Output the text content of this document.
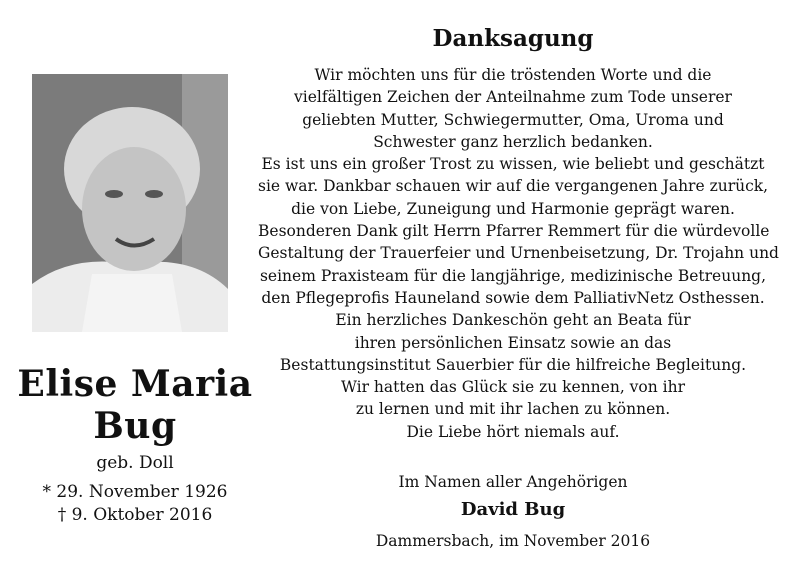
Elise Maria
Bug
geb. Doll
* 29. November 1926
† 9. Oktober 2016
Danksagung
Wir möchten uns für die tröstenden Worte und die
vielfältigen Zeichen der Anteilnahme zum Tode unserer
geliebten Mutter, Schwiegermutter, Oma, Uroma und
Schwester ganz herzlich bedanken.
Es ist uns ein großer Trost zu wissen, wie beliebt und geschätzt
sie war. Dankbar schauen wir auf die vergangenen Jahre zurück,
die von Liebe, Zuneigung und Harmonie geprägt waren.
Besonderen Dank gilt Herrn Pfarrer Remmert für die würdevolle
Gestaltung der Trauerfeier und Urnenbeisetzung, Dr. Trojahn und
seinem Praxisteam für die langjährige, medizinische Betreuung,
den Pflegeprofis Hauneland sowie dem PalliativNetz Osthessen.
Ein herzliches Dankeschön geht an Beata für
ihren persönlichen Einsatz sowie an das
Bestattungsinstitut Sauerbier für die hilfreiche Begleitung.
Wir hatten das Glück sie zu kennen, von ihr
zu lernen und mit ihr lachen zu können.
Die Liebe hört niemals auf.
Im Namen aller Angehörigen
David Bug
Dammersbach, im November 2016
